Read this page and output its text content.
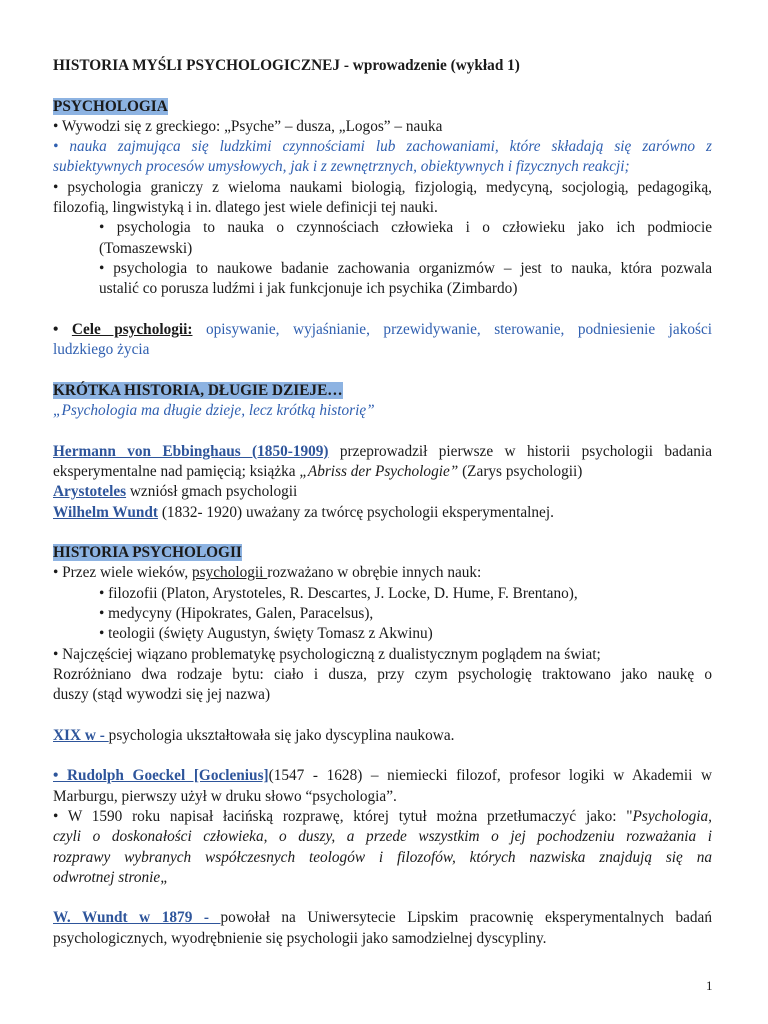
HISTORIA MYŚLI PSYCHOLOGICZNEJ - wprowadzenie (wykład 1)
PSYCHOLOGIA
• Wywodzi się z greckiego: „Psyche” – dusza, „Logos” – nauka
• nauka zajmująca się ludzkimi czynnościami lub zachowaniami, które składają się zarówno z
subiektywnych procesów umysłowych, jak i z zewnętrznych, obiektywnych i fizycznych reakcji;
• psychologia graniczy z wieloma naukami biologią, fizjologią, medycyną, socjologią, pedagogiką,
filozofią, lingwistyką i in. dlatego jest wiele definicji tej nauki.
• psychologia to nauka o czynnościach człowieka i o człowieku jako ich podmiocie
(Tomaszewski)
• psychologia to naukowe badanie zachowania organizmów – jest to nauka, która pozwala
ustalić co porusza ludźmi i jak funkcjonuje ich psychika (Zimbardo)
• Cele psychologii: opisywanie, wyjaśnianie, przewidywanie, sterowanie, podniesienie jakości
ludzkiego życia
KRÓTKA HISTORIA, DŁUGIE DZIEJE…
„Psychologia ma długie dzieje, lecz krótką historię”
Hermann von Ebbinghaus (1850-1909) przeprowadził pierwsze w historii psychologii badania
eksperymentalne nad pamięcią; książka „Abriss der Psychologie” (Zarys psychologii)
Arystoteles wzniósł gmach psychologii
Wilhelm Wundt (1832- 1920) uważany za twórcę psychologii eksperymentalnej.
HISTORIA PSYCHOLOGII
• Przez wiele wieków, psychologii rozważano w obrębie innych nauk:
• filozofii (Platon, Arystoteles, R. Descartes, J. Locke, D. Hume, F. Brentano),
• medycyny (Hipokrates, Galen, Paracelsus),
• teologii (święty Augustyn, święty Tomasz z Akwinu)
• Najczęściej wiązano problematykę psychologiczną z dualistycznym poglądem na świat;
Rozróżniano dwa rodzaje bytu: ciało i dusza, przy czym psychologię traktowano jako naukę o
duszy (stąd wywodzi się jej nazwa)
XIX w - psychologia ukształtowała się jako dyscyplina naukowa.
• Rudolph Goeckel [Goclenius](1547 - 1628) – niemiecki filozof, profesor logiki w Akademii w
Marburgu, pierwszy użył w druku słowo “psychologia”.
• W 1590 roku napisał łacińską rozprawę, której tytuł można przetłumaczyć jako: "Psychologia,
czyli o doskonałości człowieka, o duszy, a przede wszystkim o jej pochodzeniu rozważania i
rozprawy wybranych współczesnych teologów i filozofów, których nazwiska znajdują się na
odwrotnej stronie„
W. Wundt w 1879 - powołał na Uniwersytecie Lipskim pracownię eksperymentalnych badań
psychologicznych, wyodrębnienie się psychologii jako samodzielnej dyscypliny.
1
